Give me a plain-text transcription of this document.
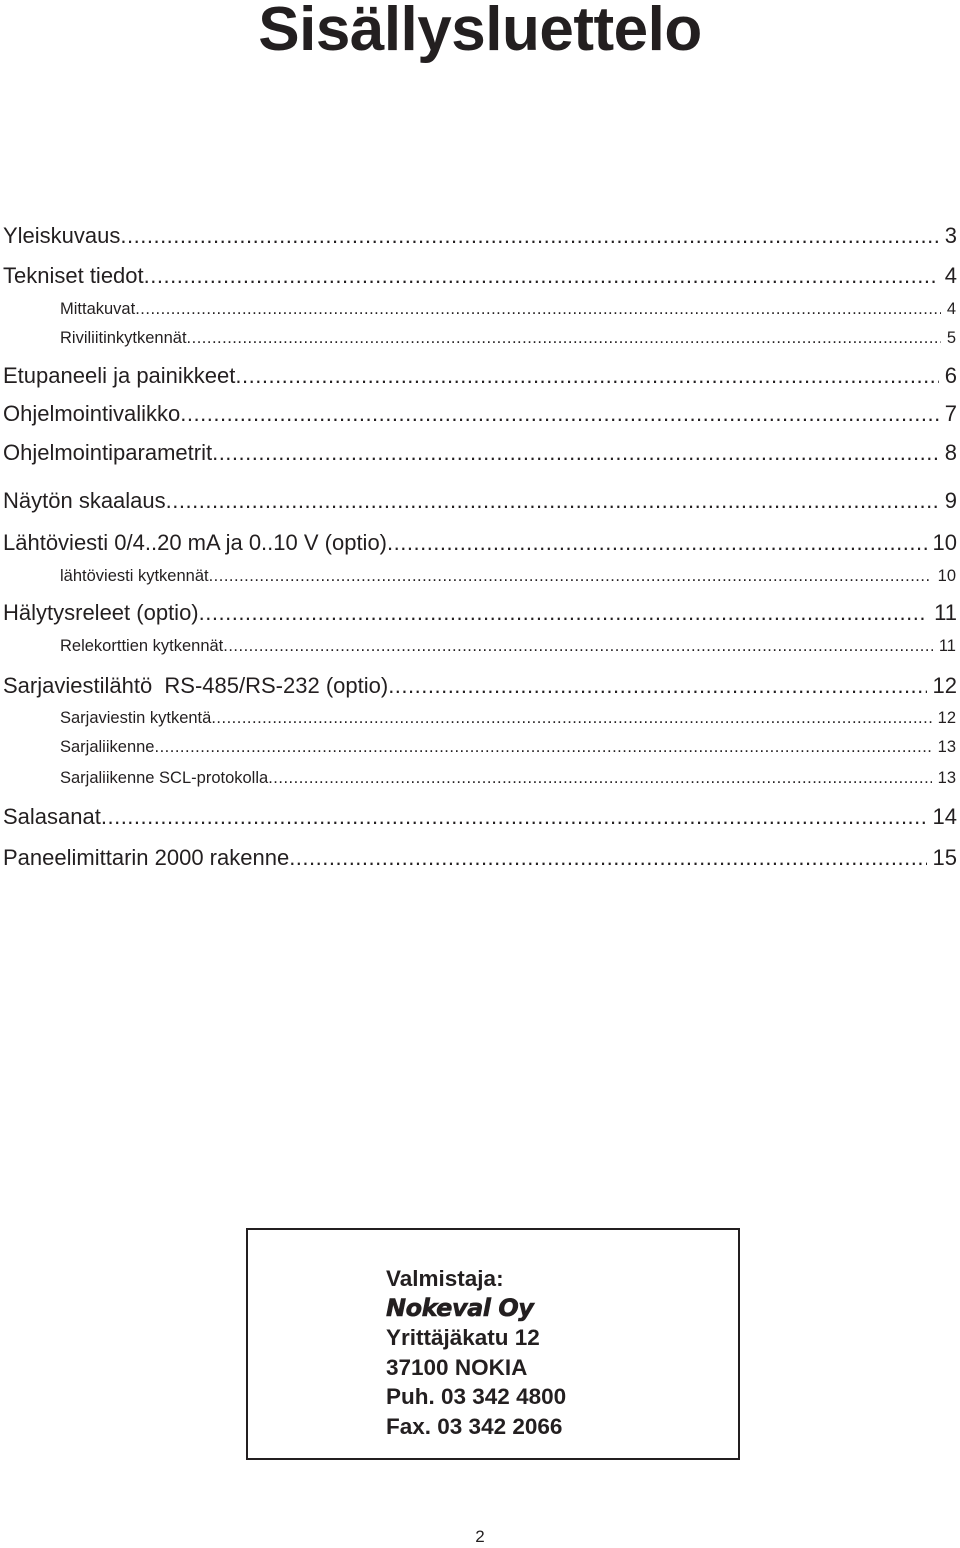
Sisällysluettelo
Yleiskuvaus .....	3
Tekniset tiedot .....	4
Mittakuvat .....	4
Riviliitinkytkennät .....	5
Etupaneeli ja painikkeet .....	6
Ohjelmointivalikko .....	7
Ohjelmointiparametrit .....	8
Näytön skaalaus .....	9
Lähtöviesti 0/4..20 mA ja 0..10 V (optio) .....	10
lähtöviesti kytkennät .....	10
Hälytysreleet (optio) .....	11
Relekorttien kytkennät .....	11
Sarjaviestilähtö  RS-485/RS-232 (optio) .....	12
Sarjaviestin kytkentä .....	12
Sarjaliikenne .....	13
Sarjaliikenne SCL-protokolla .....	13
Salasanat .....	14
Paneelimittarin 2000 rakenne .....	15
Valmistaja:
Nokeval Oy
Yrittäjäkatu 12
37100 NOKIA
Puh. 03 342 4800
Fax. 03 342 2066
2
